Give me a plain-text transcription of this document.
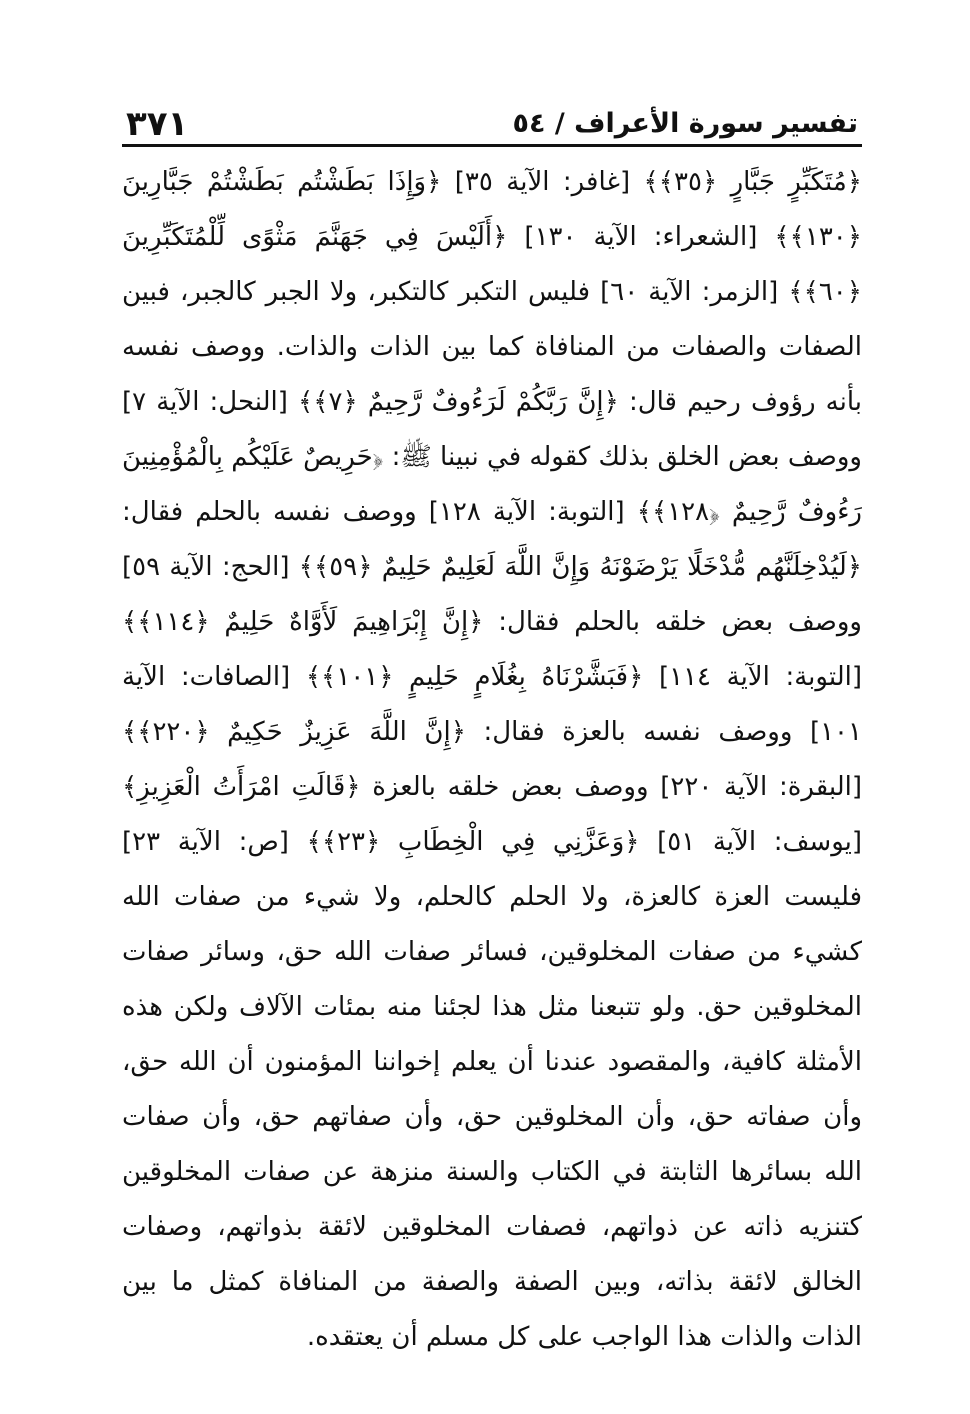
تفسير سورة الأعراف / ٥٤
٣٧١

﴿مُتَكَبِّرٍ جَبَّارٍ ﴿٣٥﴾﴾ [غافر: الآية ٣٥] ﴿وَإِذَا بَطَشْتُم بَطَشْتُمْ جَبَّارِينَ ﴿١٣٠﴾﴾ [الشعراء: الآية ١٣٠] ﴿أَلَيْسَ فِي جَهَنَّمَ مَثْوًى لِّلْمُتَكَبِّرِينَ ﴿٦٠﴾﴾ [الزمر: الآية ٦٠] فليس التكبر كالتكبر، ولا الجبر كالجبر، فبين الصفات والصفات من المنافاة كما بين الذات والذات. ووصف نفسه بأنه رؤوف رحيم قال: ﴿إِنَّ رَبَّكُمْ لَرَءُوفٌ رَّحِيمٌ ﴿٧﴾﴾ [النحل: الآية ٧] ووصف بعض الخلق بذلك كقوله في نبينا ﷺ: ﴿حَرِيصٌ عَلَيْكُم بِالْمُؤْمِنِينَ رَءُوفٌ رَّحِيمٌ ﴿١٢٨﴾﴾ [التوبة: الآية ١٢٨] ووصف نفسه بالحلم فقال: ﴿لَيُدْخِلَنَّهُم مُّدْخَلًا يَرْضَوْنَهُ وَإِنَّ اللَّهَ لَعَلِيمٌ حَلِيمٌ ﴿٥٩﴾﴾ [الحج: الآية ٥٩] ووصف بعض خلقه بالحلم فقال: ﴿إِنَّ إِبْرَاهِيمَ لَأَوَّاهٌ حَلِيمٌ ﴿١١٤﴾﴾ [التوبة: الآية ١١٤] ﴿فَبَشَّرْنَاهُ بِغُلَامٍ حَلِيمٍ ﴿١٠١﴾﴾ [الصافات: الآية ١٠١] ووصف نفسه بالعزة فقال: ﴿إِنَّ اللَّهَ عَزِيزٌ حَكِيمٌ ﴿٢٢٠﴾﴾ [البقرة: الآية ٢٢٠] ووصف بعض خلقه بالعزة ﴿قَالَتِ امْرَأَتُ الْعَزِيزِ﴾ [يوسف: الآية ٥١] ﴿وَعَزَّنِي فِي الْخِطَابِ ﴿٢٣﴾﴾ [ص: الآية ٢٣] فليست العزة كالعزة، ولا الحلم كالحلم، ولا شيء من صفات الله كشيء من صفات المخلوقين، فسائر صفات الله حق، وسائر صفات المخلوقين حق. ولو تتبعنا مثل هذا لجئنا منه بمئات الآلاف ولكن هذه الأمثلة كافية، والمقصود عندنا أن يعلم إخواننا المؤمنون أن الله حق، وأن صفاته حق، وأن المخلوقين حق، وأن صفاتهم حق، وأن صفات الله بسائرها الثابتة في الكتاب والسنة منزهة عن صفات المخلوقين كتنزيه ذاته عن ذواتهم، فصفات المخلوقين لائقة بذواتهم، وصفات الخالق لائقة بذاته، وبين الصفة والصفة من المنافاة كمثل ما بين الذات والذات هذا الواجب على كل مسلم أن يعتقده.
